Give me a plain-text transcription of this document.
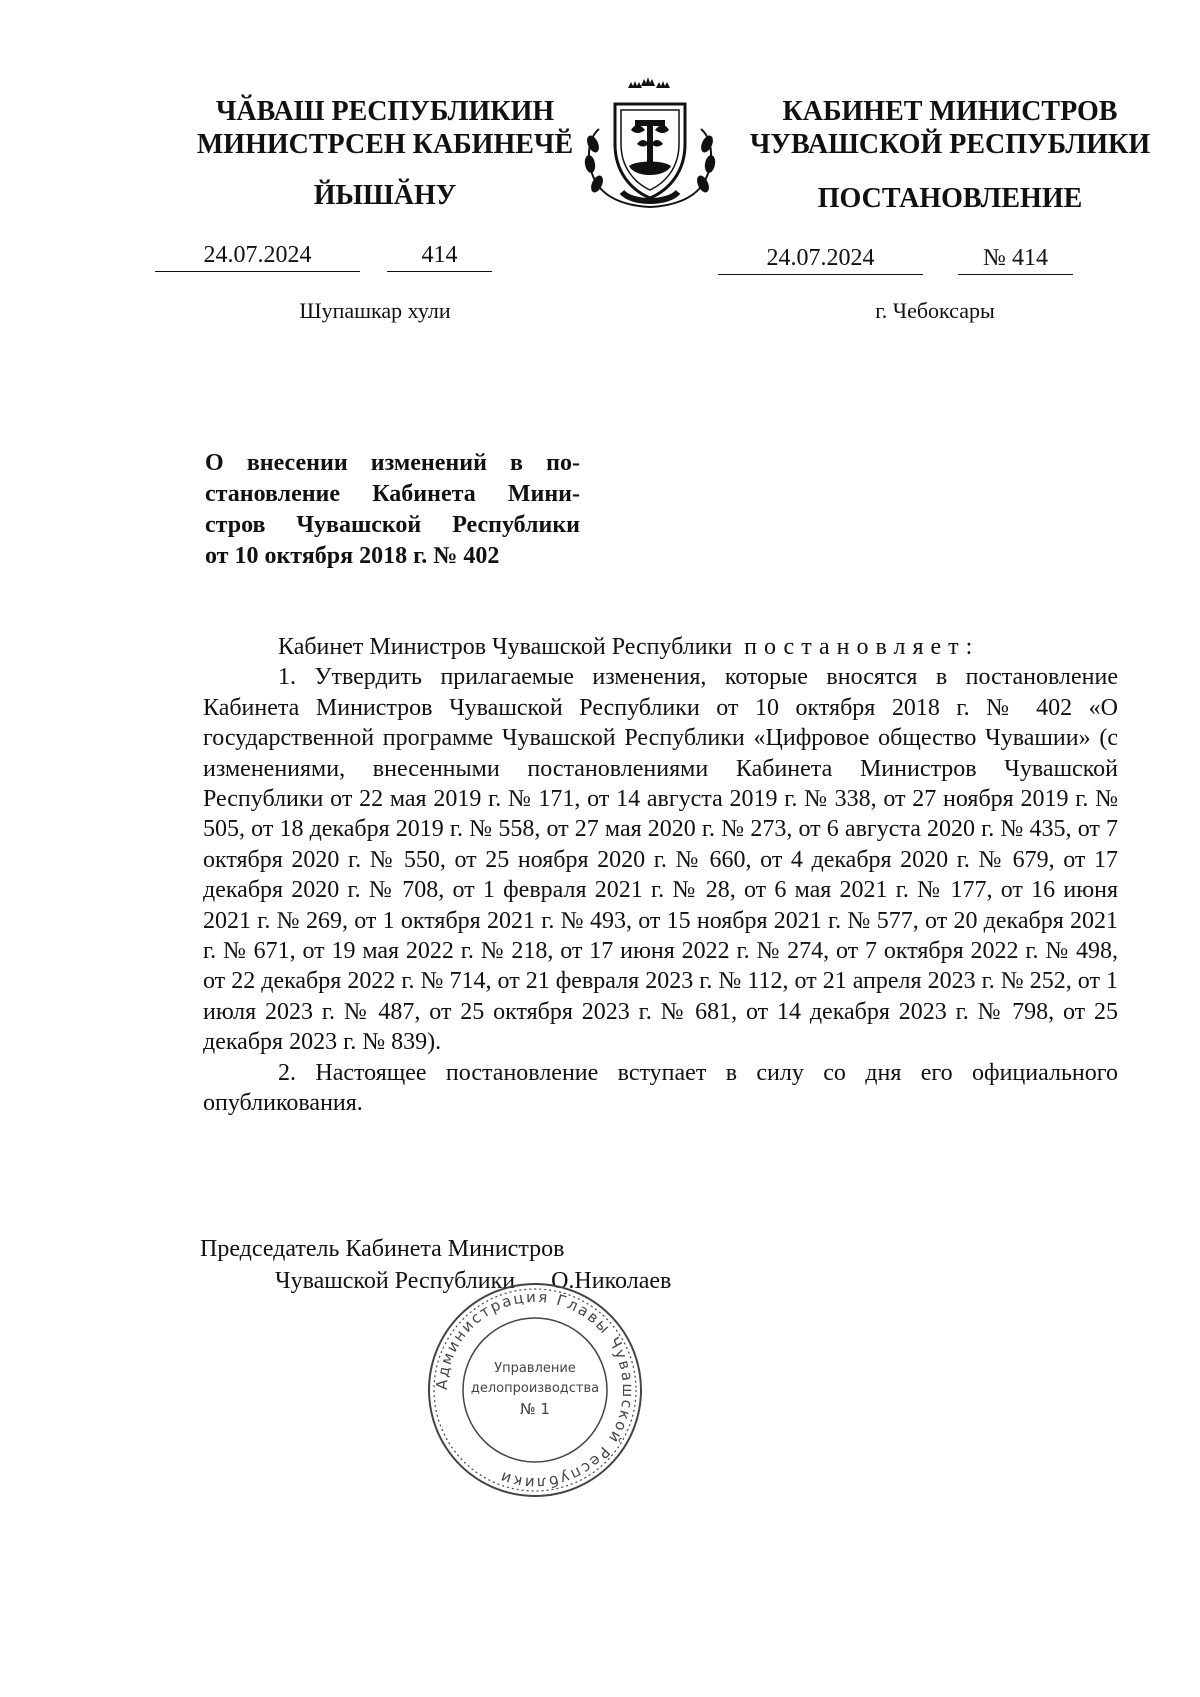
ЧӐВАШ РЕСПУБЛИКИН
МИНИСТРСЕН КАБИНЕЧӖ
ЙЫШӐНУ
КАБИНЕТ МИНИСТРОВ
ЧУВАШСКОЙ РЕСПУБЛИКИ
ПОСТАНОВЛЕНИЕ
24.07.2024	414	24.07.2024	№ 414
Шупашкар хули	г. Чебоксары
О внесении изменений в по-
становление Кабинета Мини-
стров Чувашской Республики
от 10 октября 2018 г. № 402

Кабинет Министров Чувашской Республики постановляет:

1. Утвердить прилагаемые изменения, которые вносятся в постановление Кабинета Министров Чувашской Республики от 10 октября 2018 г. № 402 «О государственной программе Чувашской Республики «Цифровое общество Чувашии» (с изменениями, внесенными постановлениями Кабинета Министров Чувашской Республики от 22 мая 2019 г. № 171, от 14 августа 2019 г. № 338, от 27 ноября 2019 г. № 505, от 18 декабря 2019 г. № 558, от 27 мая 2020 г. № 273, от 6 августа 2020 г. № 435, от 7 октября 2020 г. № 550, от 25 ноября 2020 г. № 660, от 4 декабря 2020 г. № 679, от 17 декабря 2020 г. № 708, от 1 февраля 2021 г. № 28, от 6 мая 2021 г. № 177, от 16 июня 2021 г. № 269, от 1 октября 2021 г. № 493, от 15 ноября 2021 г. № 577, от 20 декабря 2021 г. № 671, от 19 мая 2022 г. № 218, от 17 июня 2022 г. № 274, от 7 октября 2022 г. № 498, от 22 декабря 2022 г. № 714, от 21 февраля 2023 г. № 112, от 21 апреля 2023 г. № 252, от 1 июля 2023 г. № 487, от 25 октября 2023 г. № 681, от 14 декабря 2023 г. № 798, от 25 декабря 2023 г. № 839).

2. Настоящее постановление вступает в силу со дня его официального опубликования.

Председатель Кабинета Министров
Чувашской Республики О.Николаев
Администрация Главы Чувашской Республики
Управление
делопроизводства
№ 1
